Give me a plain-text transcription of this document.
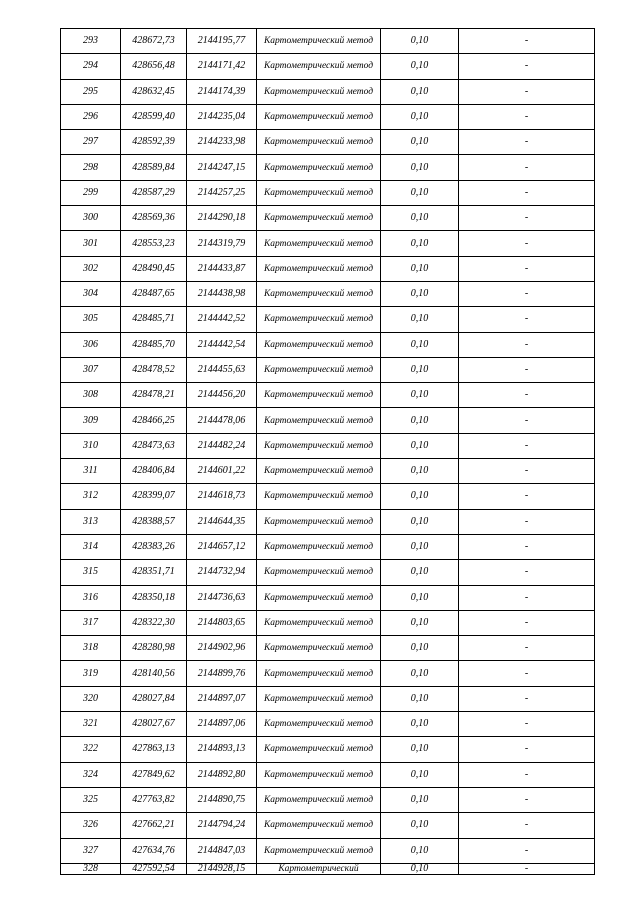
293	428672,73	2144195,77	Картометрический метод	0,10	-
294	428656,48	2144171,42	Картометрический метод	0,10	-
295	428632,45	2144174,39	Картометрический метод	0,10	-
296	428599,40	2144235,04	Картометрический метод	0,10	-
297	428592,39	2144233,98	Картометрический метод	0,10	-
298	428589,84	2144247,15	Картометрический метод	0,10	-
299	428587,29	2144257,25	Картометрический метод	0,10	-
300	428569,36	2144290,18	Картометрический метод	0,10	-
301	428553,23	2144319,79	Картометрический метод	0,10	-
302	428490,45	2144433,87	Картометрический метод	0,10	-
304	428487,65	2144438,98	Картометрический метод	0,10	-
305	428485,71	2144442,52	Картометрический метод	0,10	-
306	428485,70	2144442,54	Картометрический метод	0,10	-
307	428478,52	2144455,63	Картометрический метод	0,10	-
308	428478,21	2144456,20	Картометрический метод	0,10	-
309	428466,25	2144478,06	Картометрический метод	0,10	-
310	428473,63	2144482,24	Картометрический метод	0,10	-
311	428406,84	2144601,22	Картометрический метод	0,10	-
312	428399,07	2144618,73	Картометрический метод	0,10	-
313	428388,57	2144644,35	Картометрический метод	0,10	-
314	428383,26	2144657,12	Картометрический метод	0,10	-
315	428351,71	2144732,94	Картометрический метод	0,10	-
316	428350,18	2144736,63	Картометрический метод	0,10	-
317	428322,30	2144803,65	Картометрический метод	0,10	-
318	428280,98	2144902,96	Картометрический метод	0,10	-
319	428140,56	2144899,76	Картометрический метод	0,10	-
320	428027,84	2144897,07	Картометрический метод	0,10	-
321	428027,67	2144897,06	Картометрический метод	0,10	-
322	427863,13	2144893,13	Картометрический метод	0,10	-
324	427849,62	2144892,80	Картометрический метод	0,10	-
325	427763,82	2144890,75	Картометрический метод	0,10	-
326	427662,21	2144794,24	Картометрический метод	0,10	-
327	427634,76	2144847,03	Картометрический метод	0,10	-
328	427592,54	2144928,15	Картометрический	0,10	-
